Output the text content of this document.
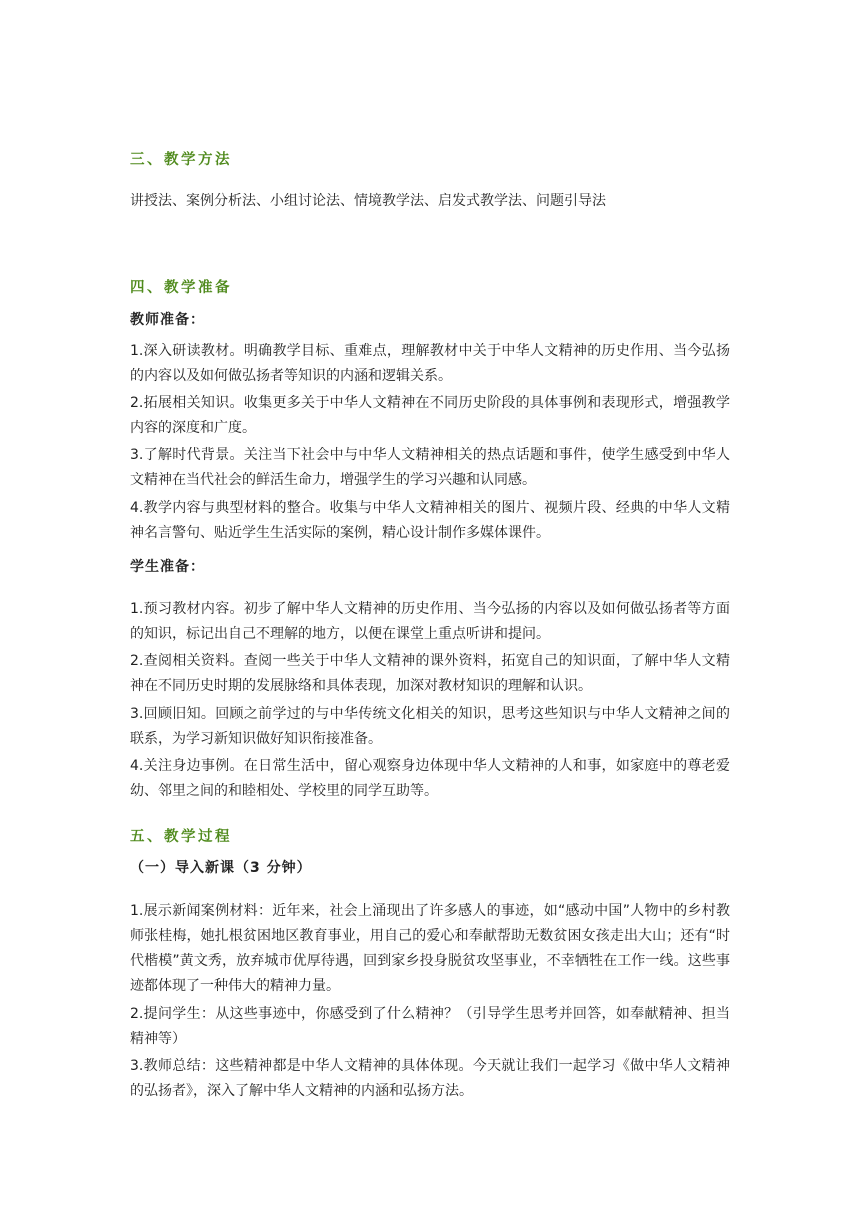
三、教学方法

讲授法、案例分析法、小组讨论法、情境教学法、启发式教学法、问题引导法

四、教学准备
教师准备：

1.深入研读教材。明确教学目标、重难点，理解教材中关于中华人文精神的历史作用、当今弘扬的内容以及如何做弘扬者等知识的内涵和逻辑关系。

2.拓展相关知识。收集更多关于中华人文精神在不同历史阶段的具体事例和表现形式，增强教学内容的深度和广度。

3.了解时代背景。关注当下社会中与中华人文精神相关的热点话题和事件，使学生感受到中华人文精神在当代社会的鲜活生命力，增强学生的学习兴趣和认同感。

4.教学内容与典型材料的整合。收集与中华人文精神相关的图片、视频片段、经典的中华人文精神名言警句、贴近学生生活实际的案例，精心设计制作多媒体课件。

学生准备：

1.预习教材内容。初步了解中华人文精神的历史作用、当今弘扬的内容以及如何做弘扬者等方面的知识，标记出自己不理解的地方，以便在课堂上重点听讲和提问。

2.查阅相关资料。查阅一些关于中华人文精神的课外资料，拓宽自己的知识面，了解中华人文精神在不同历史时期的发展脉络和具体表现，加深对教材知识的理解和认识。

3.回顾旧知。回顾之前学过的与中华传统文化相关的知识，思考这些知识与中华人文精神之间的联系，为学习新知识做好知识衔接准备。

4.关注身边事例。在日常生活中，留心观察身边体现中华人文精神的人和事，如家庭中的尊老爱幼、邻里之间的和睦相处、学校里的同学互助等。

五、教学过程
（一）导入新课（3 分钟）

1.展示新闻案例材料：近年来，社会上涌现出了许多感人的事迹，如“感动中国”人物中的乡村教师张桂梅，她扎根贫困地区教育事业，用自己的爱心和奉献帮助无数贫困女孩走出大山；还有“时代楷模”黄文秀，放弃城市优厚待遇，回到家乡投身脱贫攻坚事业，不幸牺牲在工作一线。这些事迹都体现了一种伟大的精神力量。

2.提问学生：从这些事迹中，你感受到了什么精神？（引导学生思考并回答，如奉献精神、担当精神等）

3.教师总结：这些精神都是中华人文精神的具体体现。今天就让我们一起学习《做中华人文精神的弘扬者》，深入了解中华人文精神的内涵和弘扬方法。
